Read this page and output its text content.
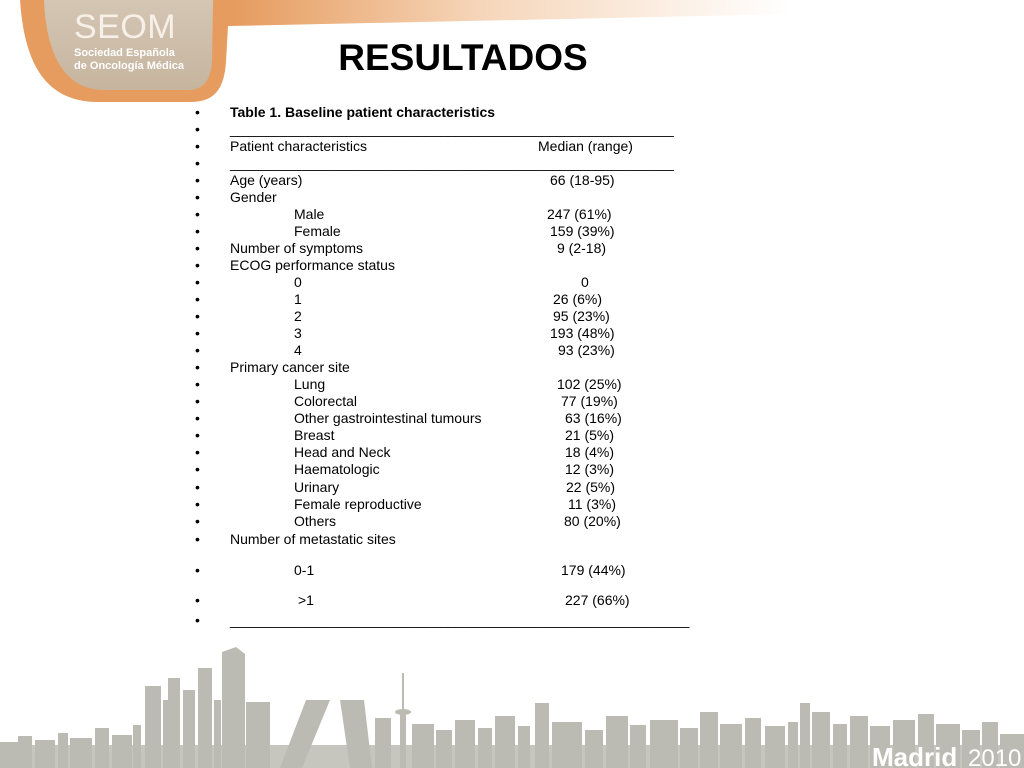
SEOM
Sociedad Española
de Oncología Médica	RESULTADOS
• Table 1. Baseline patient characteristics
• _________________________________________________________
• Patient characteristics	Median (range)
• _________________________________________________________
• Age (years)	66 (18-95)
• Gender
•	Male	247 (61%)
•	Female	159 (39%)
• Number of symptoms	9 (2-18)
• ECOG performance status
•	0	0
•	1	26 (6%)
•	2	95 (23%)
•	3	193 (48%)
•	4	93 (23%)
• Primary cancer site
•	Lung	102 (25%)
•	Colorectal	77 (19%)
•	Other gastrointestinal tumours	63 (16%)
•	Breast	21 (5%)
•	Head and Neck	18 (4%)
•	Haematologic	12 (3%)
•	Urinary	22 (5%)
•	Female reproductive	11 (3%)
•	Others	80 (20%)
• Number of metastatic sites
•	0-1	179 (44%)
•	>1	227 (66%)
• ___________________________________________________________
Madrid 2010
